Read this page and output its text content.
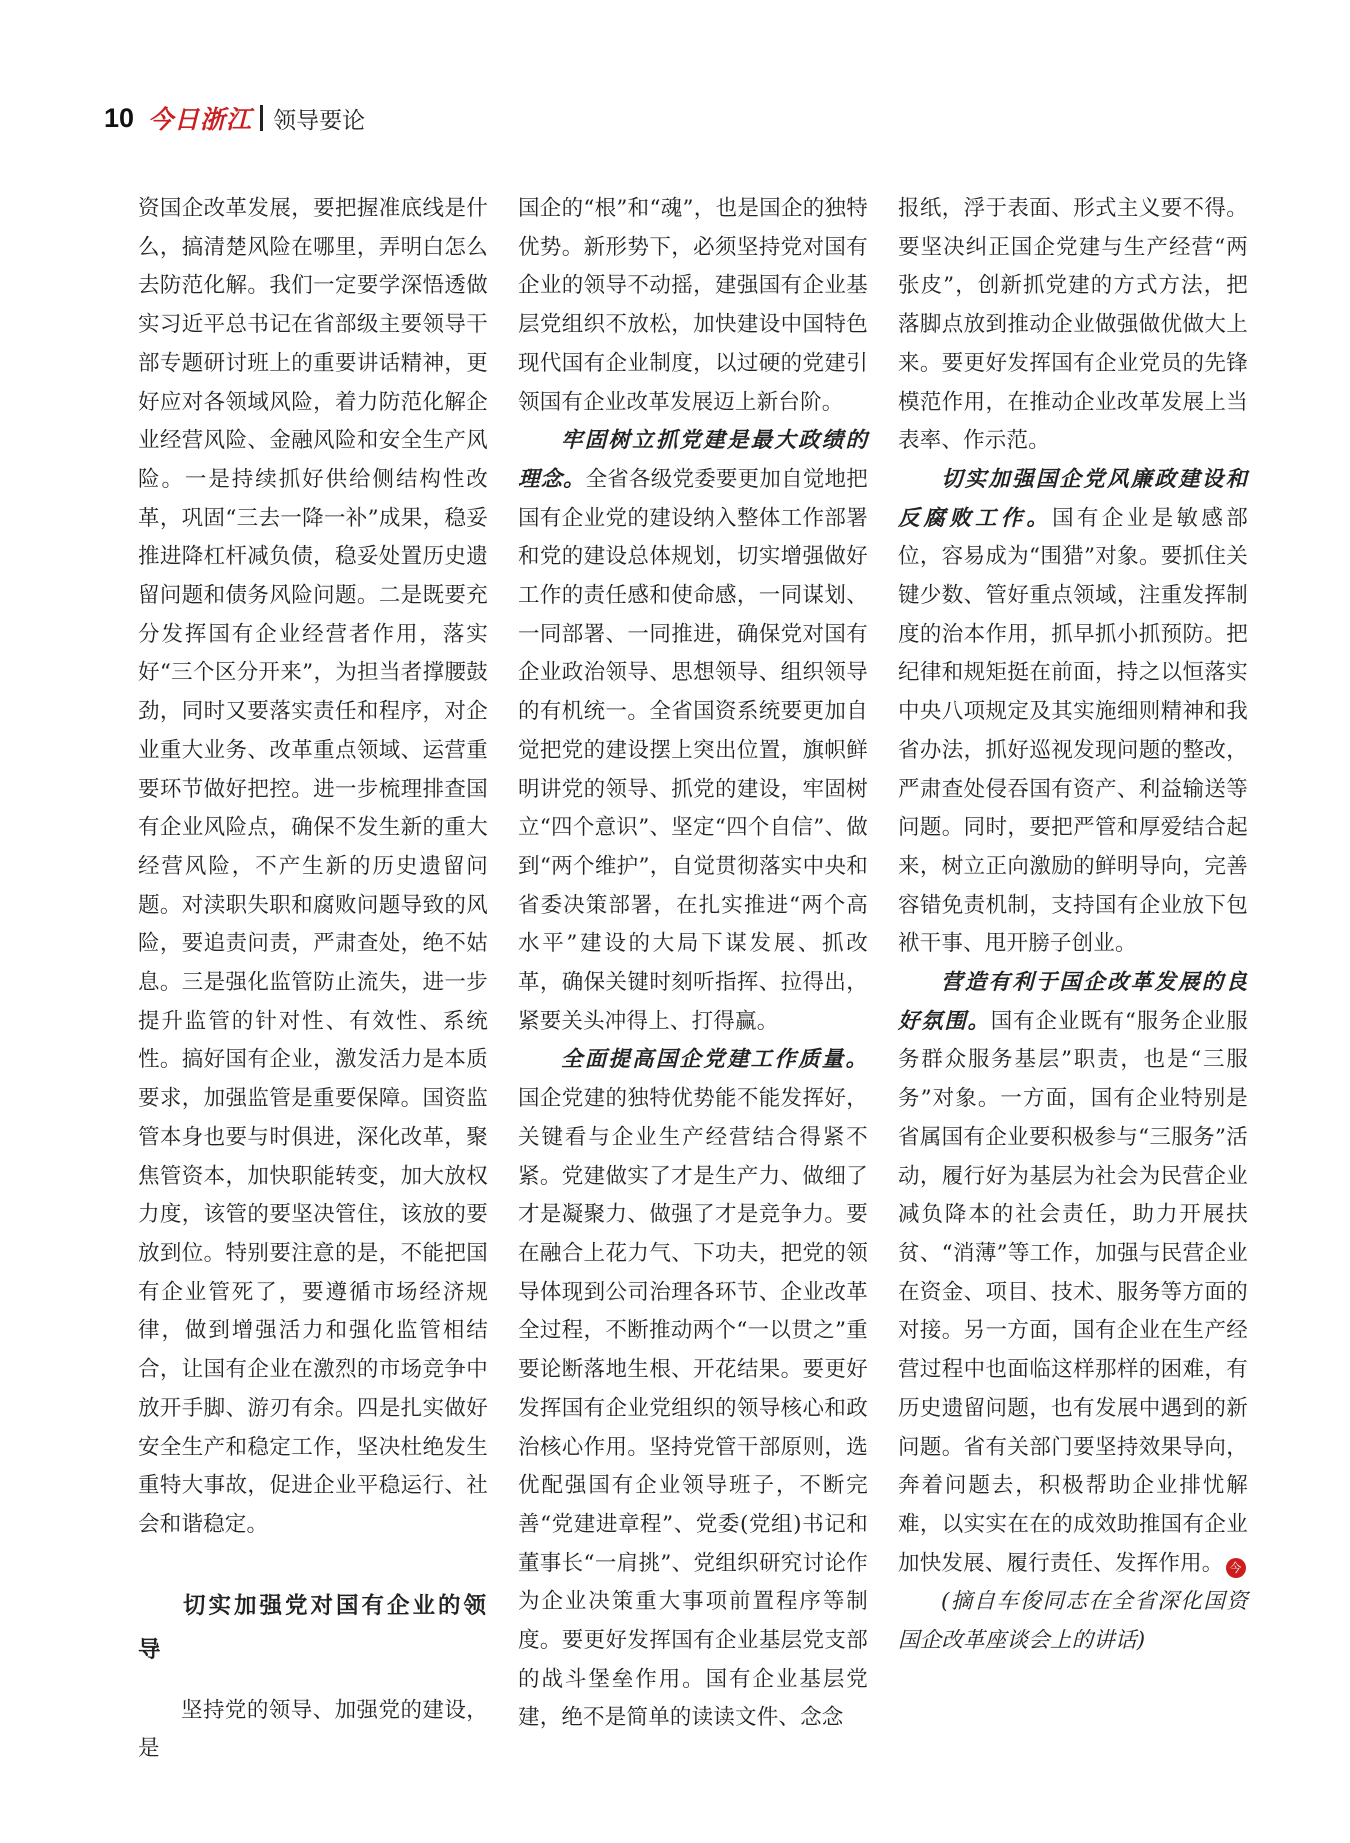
10 今日浙江 领导要论

资国企改革发展，要把握准底线是什么，搞清楚风险在哪里，弄明白怎么去防范化解。我们一定要学深悟透做实习近平总书记在省部级主要领导干部专题研讨班上的重要讲话精神，更好应对各领域风险，着力防范化解企业经营风险、金融风险和安全生产风险。一是持续抓好供给侧结构性改革，巩固“三去一降一补”成果，稳妥推进降杠杆减负债，稳妥处置历史遗留问题和债务风险问题。二是既要充分发挥国有企业经营者作用，落实好“三个区分开来”，为担当者撑腰鼓劲，同时又要落实责任和程序，对企业重大业务、改革重点领域、运营重要环节做好把控。进一步梳理排查国有企业风险点，确保不发生新的重大经营风险，不产生新的历史遗留问题。对渎职失职和腐败问题导致的风险，要追责问责，严肃查处，绝不姑息。三是强化监管防止流失，进一步提升监管的针对性、有效性、系统性。搞好国有企业，激发活力是本质要求，加强监管是重要保障。国资监管本身也要与时俱进，深化改革，聚焦管资本，加快职能转变，加大放权力度，该管的要坚决管住，该放的要放到位。特别要注意的是，不能把国有企业管死了，要遵循市场经济规律，做到增强活力和强化监管相结合，让国有企业在激烈的市场竞争中放开手脚、游刃有余。四是扎实做好安全生产和稳定工作，坚决杜绝发生重特大事故，促进企业平稳运行、社会和谐稳定。

切实加强党对国有企业的领导

坚持党的领导、加强党的建设，是

国企的“根”和“魂”，也是国企的独特优势。新形势下，必须坚持党对国有企业的领导不动摇，建强国有企业基层党组织不放松，加快建设中国特色现代国有企业制度，以过硬的党建引领国有企业改革发展迈上新台阶。

牢固树立抓党建是最大政绩的理念。全省各级党委要更加自觉地把国有企业党的建设纳入整体工作部署和党的建设总体规划，切实增强做好工作的责任感和使命感，一同谋划、一同部署、一同推进，确保党对国有企业政治领导、思想领导、组织领导的有机统一。全省国资系统要更加自觉把党的建设摆上突出位置，旗帜鲜明讲党的领导、抓党的建设，牢固树立“四个意识”、坚定“四个自信”、做到“两个维护”，自觉贯彻落实中央和省委决策部署，在扎实推进“两个高水平”建设的大局下谋发展、抓改革，确保关键时刻听指挥、拉得出，紧要关头冲得上、打得赢。

全面提高国企党建工作质量。国企党建的独特优势能不能发挥好，关键看与企业生产经营结合得紧不紧。党建做实了才是生产力、做细了才是凝聚力、做强了才是竞争力。要在融合上花力气、下功夫，把党的领导体现到公司治理各环节、企业改革全过程，不断推动两个“一以贯之”重要论断落地生根、开花结果。要更好发挥国有企业党组织的领导核心和政治核心作用。坚持党管干部原则，选优配强国有企业领导班子，不断完善“党建进章程”、党委(党组)书记和董事长“一肩挑”、党组织研究讨论作为企业决策重大事项前置程序等制度。要更好发挥国有企业基层党支部的战斗堡垒作用。国有企业基层党建，绝不是简单的读读文件、念念

报纸，浮于表面、形式主义要不得。要坚决纠正国企党建与生产经营“两张皮”，创新抓党建的方式方法，把落脚点放到推动企业做强做优做大上来。要更好发挥国有企业党员的先锋模范作用，在推动企业改革发展上当表率、作示范。

切实加强国企党风廉政建设和反腐败工作。国有企业是敏感部位，容易成为“围猎”对象。要抓住关键少数、管好重点领域，注重发挥制度的治本作用，抓早抓小抓预防。把纪律和规矩挺在前面，持之以恒落实中央八项规定及其实施细则精神和我省办法，抓好巡视发现问题的整改，严肃查处侵吞国有资产、利益输送等问题。同时，要把严管和厚爱结合起来，树立正向激励的鲜明导向，完善容错免责机制，支持国有企业放下包袱干事、甩开膀子创业。

营造有利于国企改革发展的良好氛围。国有企业既有“服务企业服务群众服务基层”职责，也是“三服务”对象。一方面，国有企业特别是省属国有企业要积极参与“三服务”活动，履行好为基层为社会为民营企业减负降本的社会责任，助力开展扶贫、“消薄”等工作，加强与民营企业在资金、项目、技术、服务等方面的对接。另一方面，国有企业在生产经营过程中也面临这样那样的困难，有历史遗留问题，也有发展中遇到的新问题。省有关部门要坚持效果导向，奔着问题去，积极帮助企业排忧解难，以实实在在的成效助推国有企业加快发展、履行责任、发挥作用。 今

(摘自车俊同志在全省深化国资国企改革座谈会上的讲话)
